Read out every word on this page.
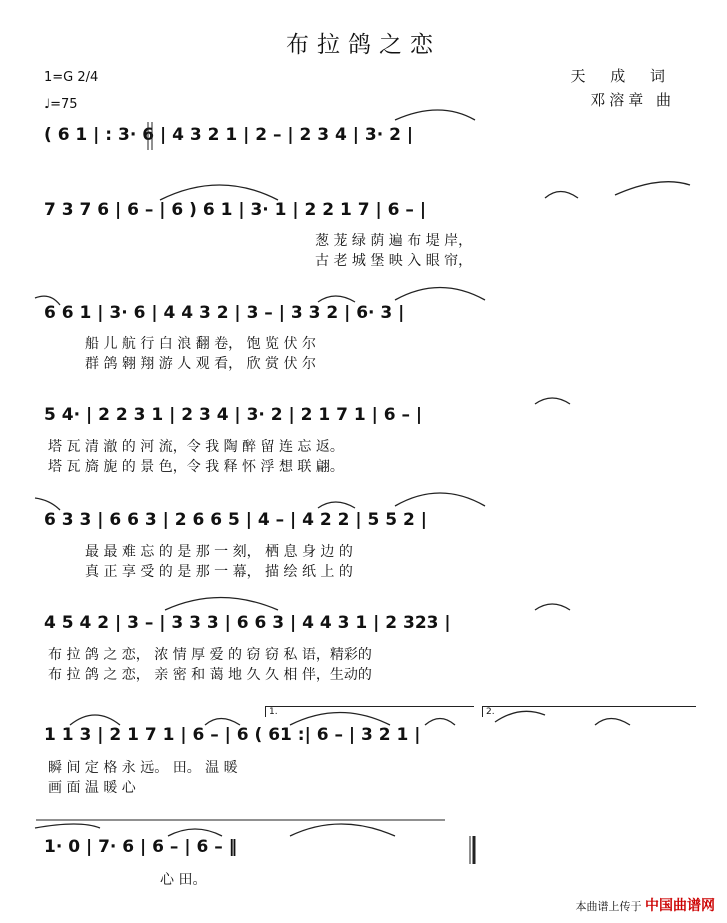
布拉鸽之恋
1=G 2/4
♩=75
天 成 词
邓溶章 曲
( 6 1 | : 3· 6 | 4 3 2 1 | 2 – | 2 3 4 | 3· 2 |
7 3 7 6 | 6 – | 6 ) 6 1 | 3· 1 | 2 2 1 7 | 6 – |
葱 茏 绿 荫 遍 布 堤 岸，
古 老 城 堡 映 入 眼 帘，
6 6 1 | 3· 6 | 4 4 3 2 | 3 – | 3 3 2 | 6· 3 |
船 儿 航 行 白 浪 翻 卷， 饱 览 伏 尔
群 鸽 翱 翔 游 人 观 看， 欣 赏 伏 尔
5 4· | 2 2 3 1 | 2 3 4 | 3· 2 | 2 1 7 1 | 6 – |
塔 瓦 清 澈 的 河 流，令 我 陶 醉 留 连 忘 返。
塔 瓦 旖 旎 的 景 色，令 我 释 怀 浮 想 联 翩。
6 3 3 | 6 6 3 | 2 6 6 5 | 4 – | 4 2 2 | 5 5 2 |
最 最 难 忘 的 是 那 一 刻， 栖 息 身 边 的
真 正 享 受 的 是 那 一 幕， 描 绘 纸 上 的
4 5 4 2 | 3 – | 3 3 3 | 6 6 3 | 4 4 3 1 | 2 323 |
布 拉 鸽 之 恋， 浓 情 厚 爱 的 窃 窃 私 语，精彩的
布 拉 鸽 之 恋， 亲 密 和 蔼 地 久 久 相 伴，生动的
1.	2.
1 1 3 | 2 1 7 1 | 6 – | 6 ( 61 :| 6 – | 3 2 1 |
瞬 间 定 格 永 远。 田。 温 暖
画 面 温 暖 心
1· 0 | 7· 6 | 6 – | 6 – ‖
心 田。
本曲谱上传于 中国曲谱网
